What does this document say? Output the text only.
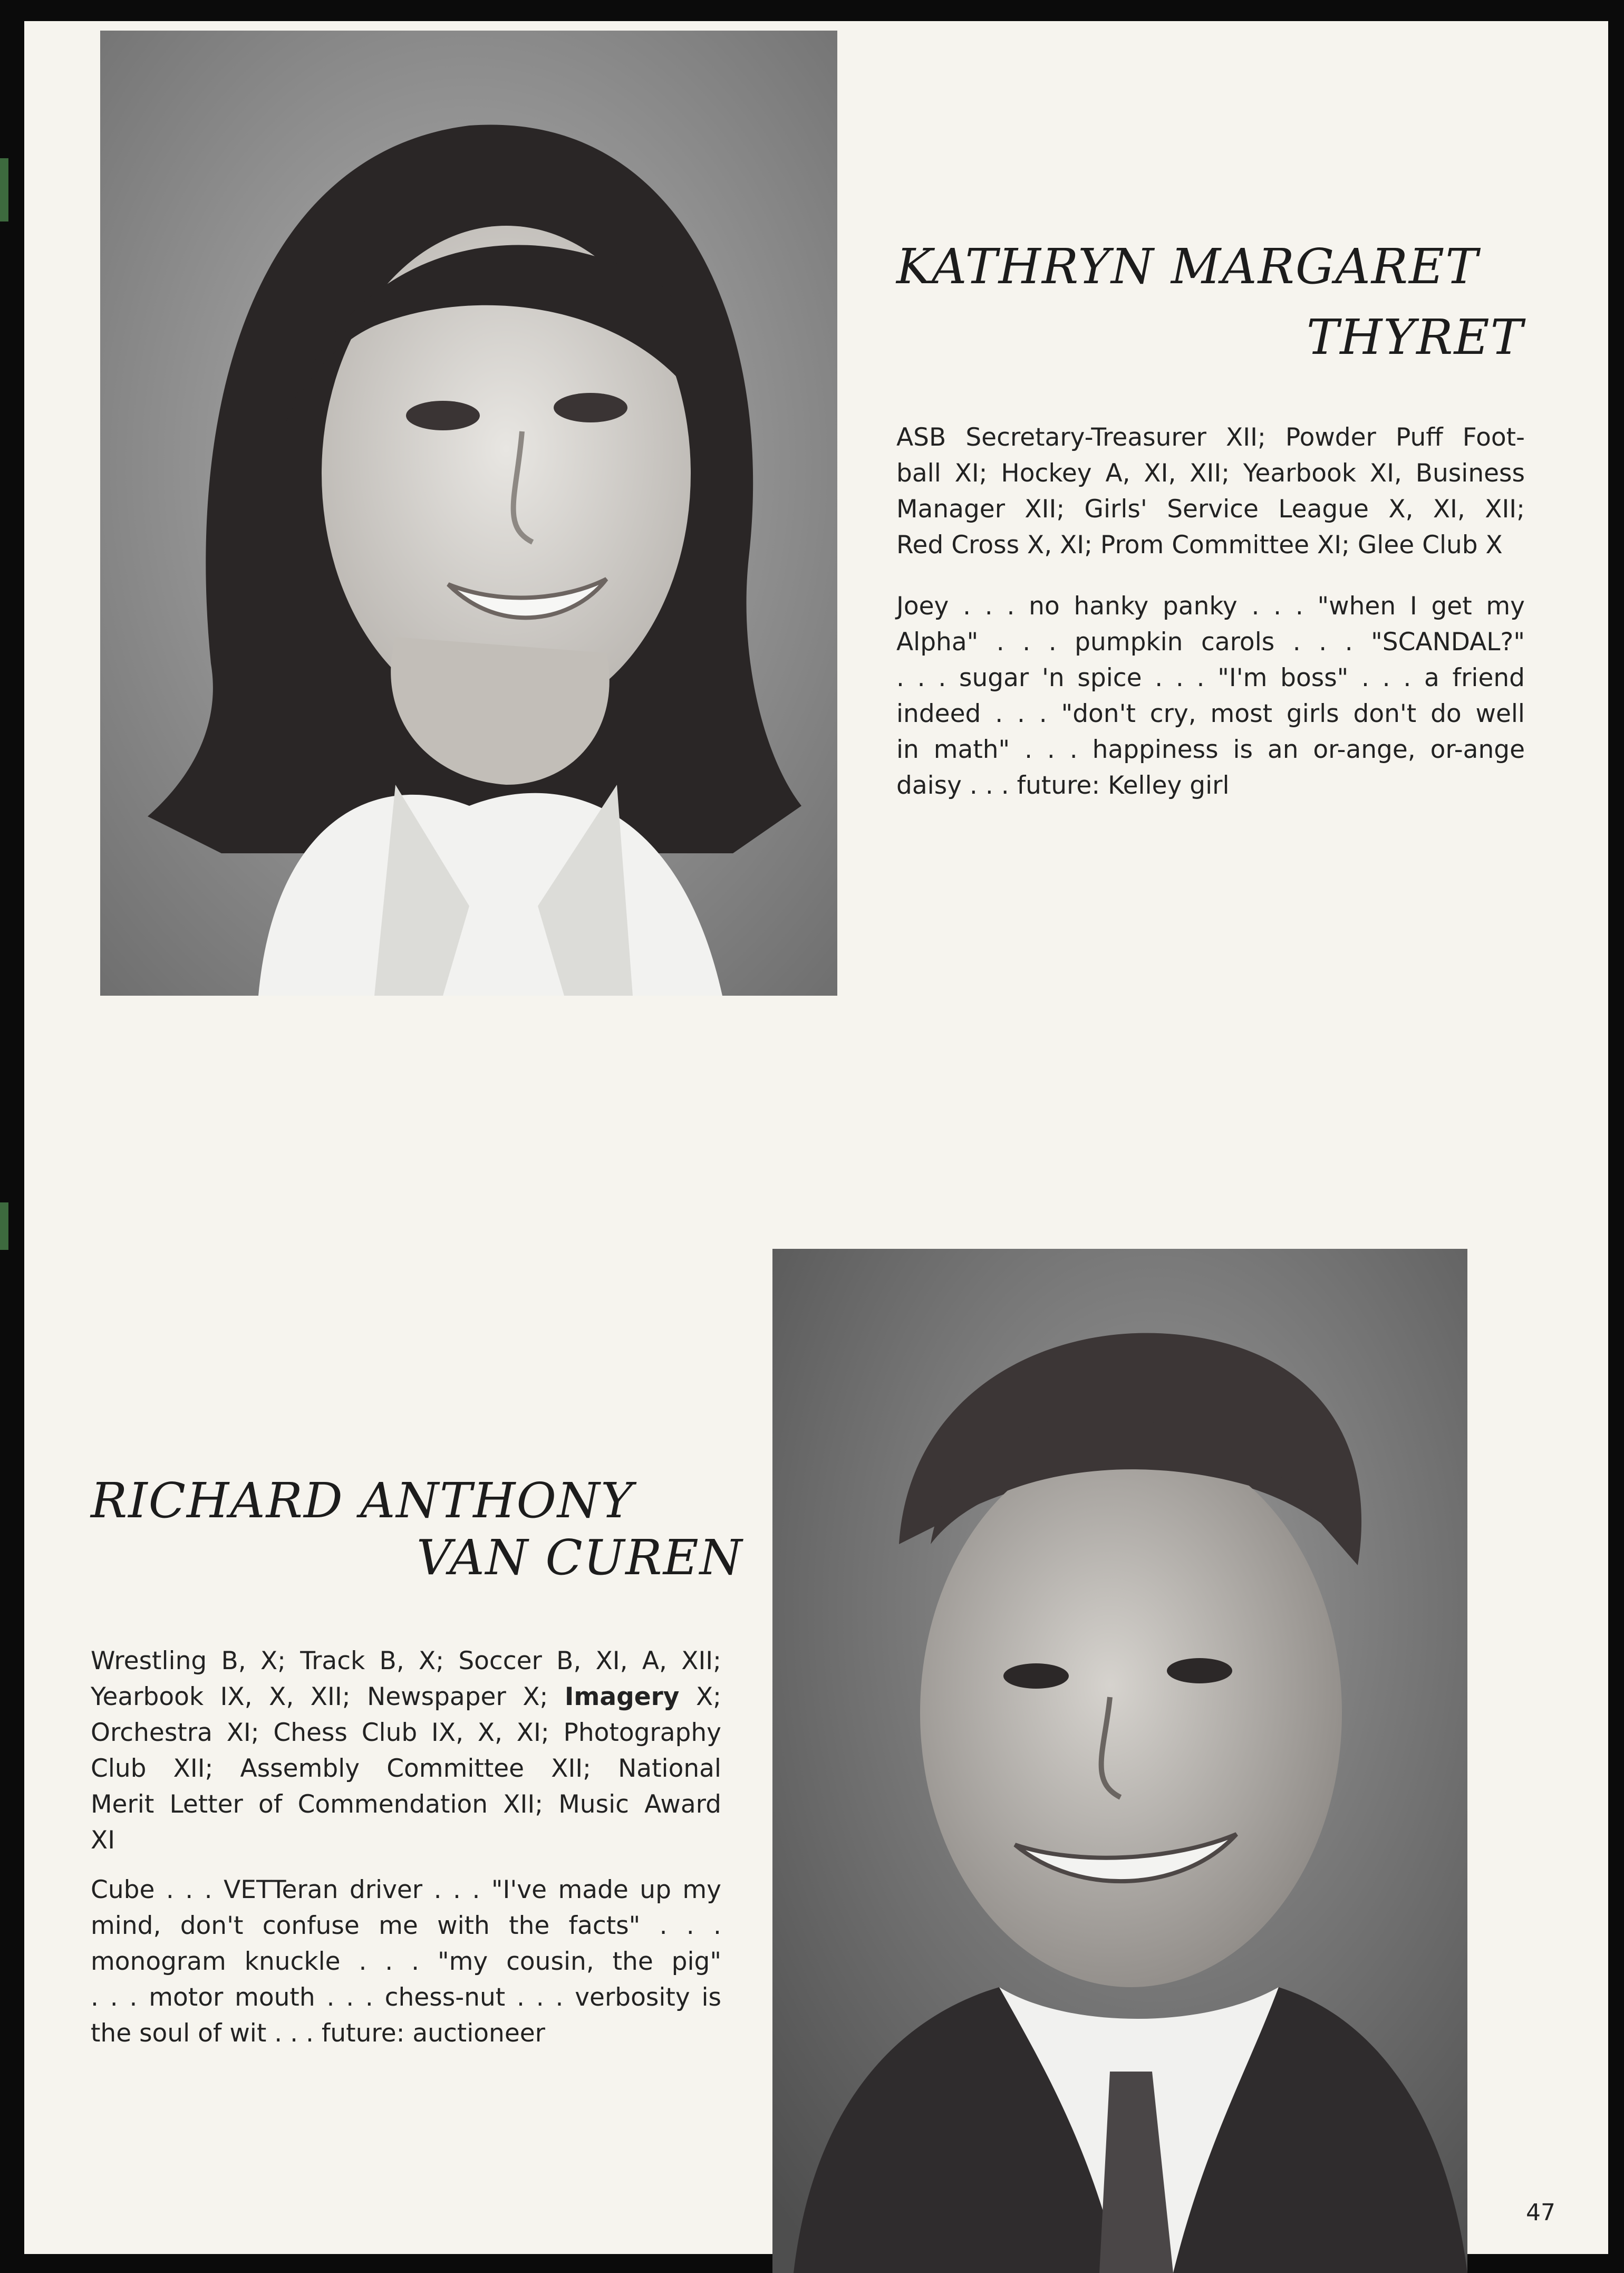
KATHRYN MARGARET
THYRET
ASB Secretary-Treasurer XII; Powder Puff Foot-
ball XI; Hockey A, XI, XII; Yearbook XI, Business
Manager XII; Girls' Service League X, XI, XII;
Red Cross X, XI; Prom Committee XI; Glee Club X
Joey . . . no hanky panky . . . "when I get my
Alpha" . . . pumpkin carols . . . "SCANDAL?"
. . . sugar 'n spice . . . "I'm boss" . . . a friend
indeed . . . "don't cry, most girls don't do well
in math" . . . happiness is an or-ange, or-ange
daisy . . . future: Kelley girl
RICHARD ANTHONY
VAN CUREN
Wrestling B, X; Track B, X; Soccer B, XI, A, XII;
Yearbook IX, X, XII; Newspaper X; Imagery X;
Orchestra XI; Chess Club IX, X, XI; Photography
Club XII; Assembly Committee XII; National
Merit Letter of Commendation XII; Music Award
XI
Cube . . . VETTeran driver . . . "I've made up my
mind, don't confuse me with the facts" . . .
monogram knuckle . . . "my cousin, the pig"
. . . motor mouth . . . chess-nut . . . verbosity is
the soul of wit . . . future: auctioneer
47
